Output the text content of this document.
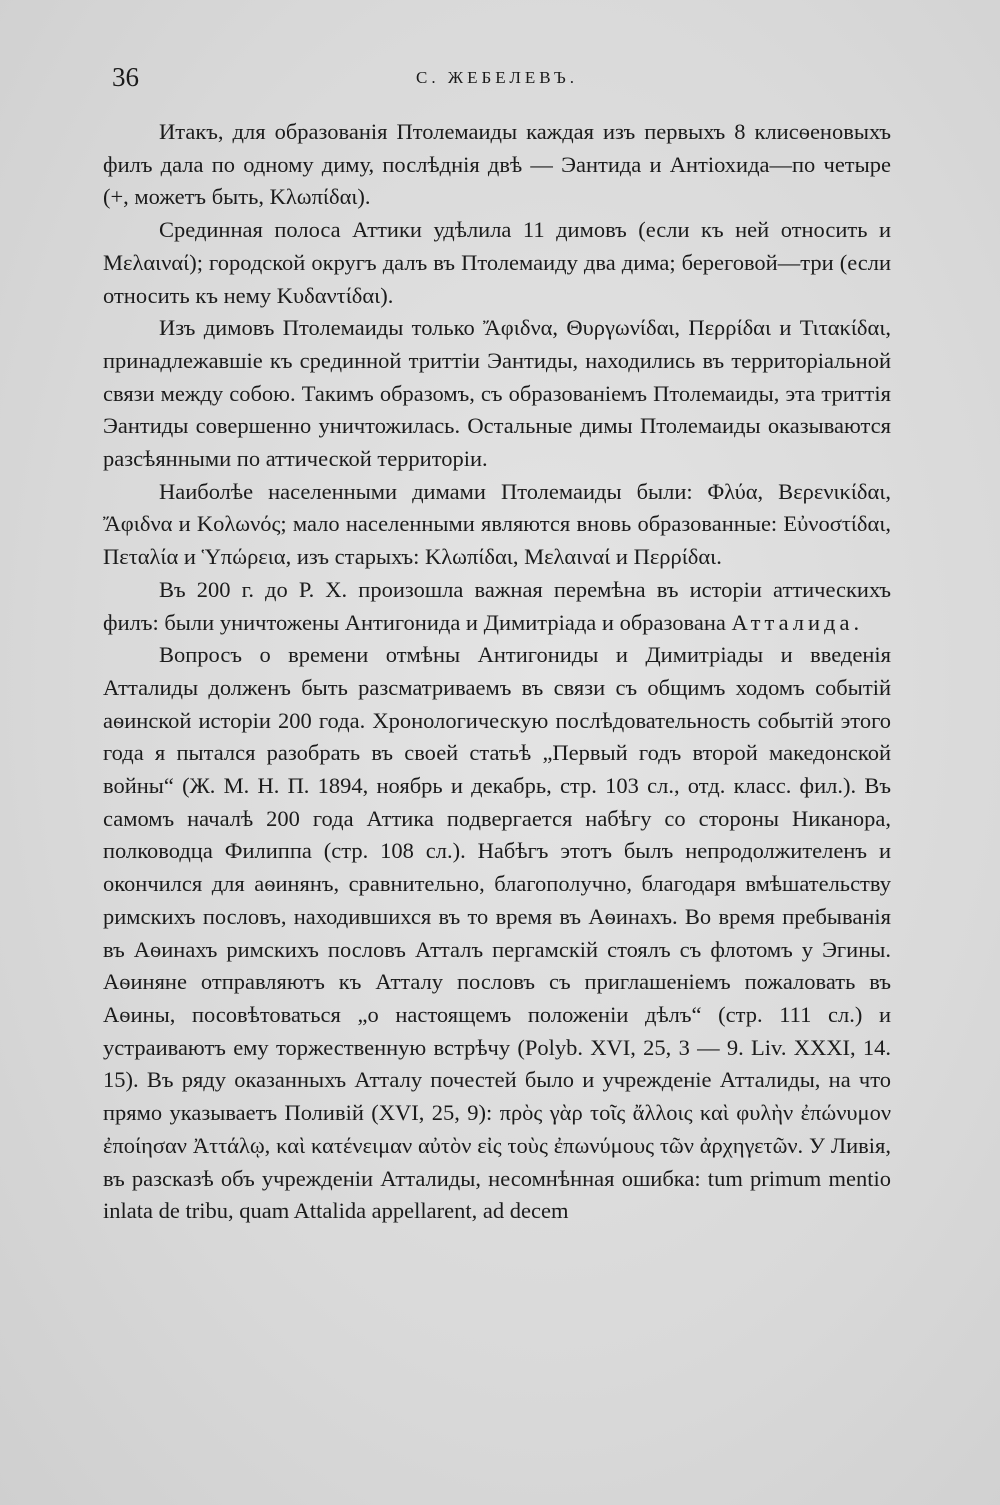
36	С. ЖЕБЕЛЕВЪ.

Итакъ, для образованія Птолемаиды каждая изъ первыхъ 8 клисѳеновыхъ филъ дала по одному диму, послѣднія двѣ — Эантида и Антіохида—по четыре (+, можетъ быть, Κλωπίδαι).

Срединная полоса Аттики удѣлила 11 димовъ (если къ ней относить и Μελαιναί); городской округъ далъ въ Птолемаиду два дима; береговой—три (если относить къ нему Κυδαντίδαι).

Изъ димовъ Птолемаиды только Ἄφιδνα, Θυργωνίδαι, Περρίδαι и Τιτακίδαι, принадлежавшіе къ срединной триттіи Эантиды, находились въ территоріальной связи между собою. Такимъ образомъ, съ образованіемъ Птолемаиды, эта триттія Эантиды совершенно уничтожилась. Остальные димы Птолемаиды оказываются разсѣянными по аттической территоріи.

Наиболѣе населенными димами Птолемаиды были: Φλύα, Βερενικίδαι, Ἄφιδνα и Κολωνός; мало населенными являются вновь образованные: Εὐνοστίδαι, Πεταλία и Ὑπώρεια, изъ старыхъ: Κλωπίδαι, Μελαιναί и Περρίδαι.

Въ 200 г. до Р. Х. произошла важная перемѣна въ исторіи аттическихъ филъ: были уничтожены Антигонида и Димитріада и образована Атталида.

Вопросъ о времени отмѣны Антигониды и Димитріады и введенія Атталиды долженъ быть разсматриваемъ въ связи съ общимъ ходомъ событій аѳинской исторіи 200 года. Хронологическую послѣдовательность событій этого года я пытался разобрать въ своей статьѣ „Первый годъ второй македонской войны“ (Ж. М. Н. П. 1894, ноябрь и декабрь, стр. 103 сл., отд. класс. фил.). Въ самомъ началѣ 200 года Аттика подвергается набѣгу со стороны Никанора, полководца Филиппа (стр. 108 сл.). Набѣгъ этотъ былъ непродолжителенъ и окончился для аѳинянъ, сравнительно, благополучно, благодаря вмѣшательству римскихъ пословъ, находившихся въ то время въ Аѳинахъ. Во время пребыванія въ Аѳинахъ римскихъ пословъ Атталъ пергамскій стоялъ съ флотомъ у Эгины. Аѳиняне отправляютъ къ Атталу пословъ съ приглашеніемъ пожаловать въ Аѳины, посовѣтоваться „о настоящемъ положеніи дѣлъ“ (стр. 111 сл.) и устраиваютъ ему торжественную встрѣчу (Polyb. XVI, 25, 3 — 9. Liv. XXXI, 14. 15). Въ ряду оказанныхъ Атталу почестей было и учрежденіе Атталиды, на что прямо указываетъ Поливій (XVI, 25, 9): πρὸς γὰρ τοῖς ἄλλοις καὶ φυλὴν ἐπώνυμον ἐποίησαν Ἀττάλῳ, καὶ κατένειμαν αὐτὸν εἰς τοὺς ἐπωνύμους τῶν ἀρχηγετῶν. У Ливія, въ разсказѣ объ учрежденіи Атталиды, несомнѣнная ошибка: tum primum mentio inlata de tribu, quam Attalida appellarent, ad decem
